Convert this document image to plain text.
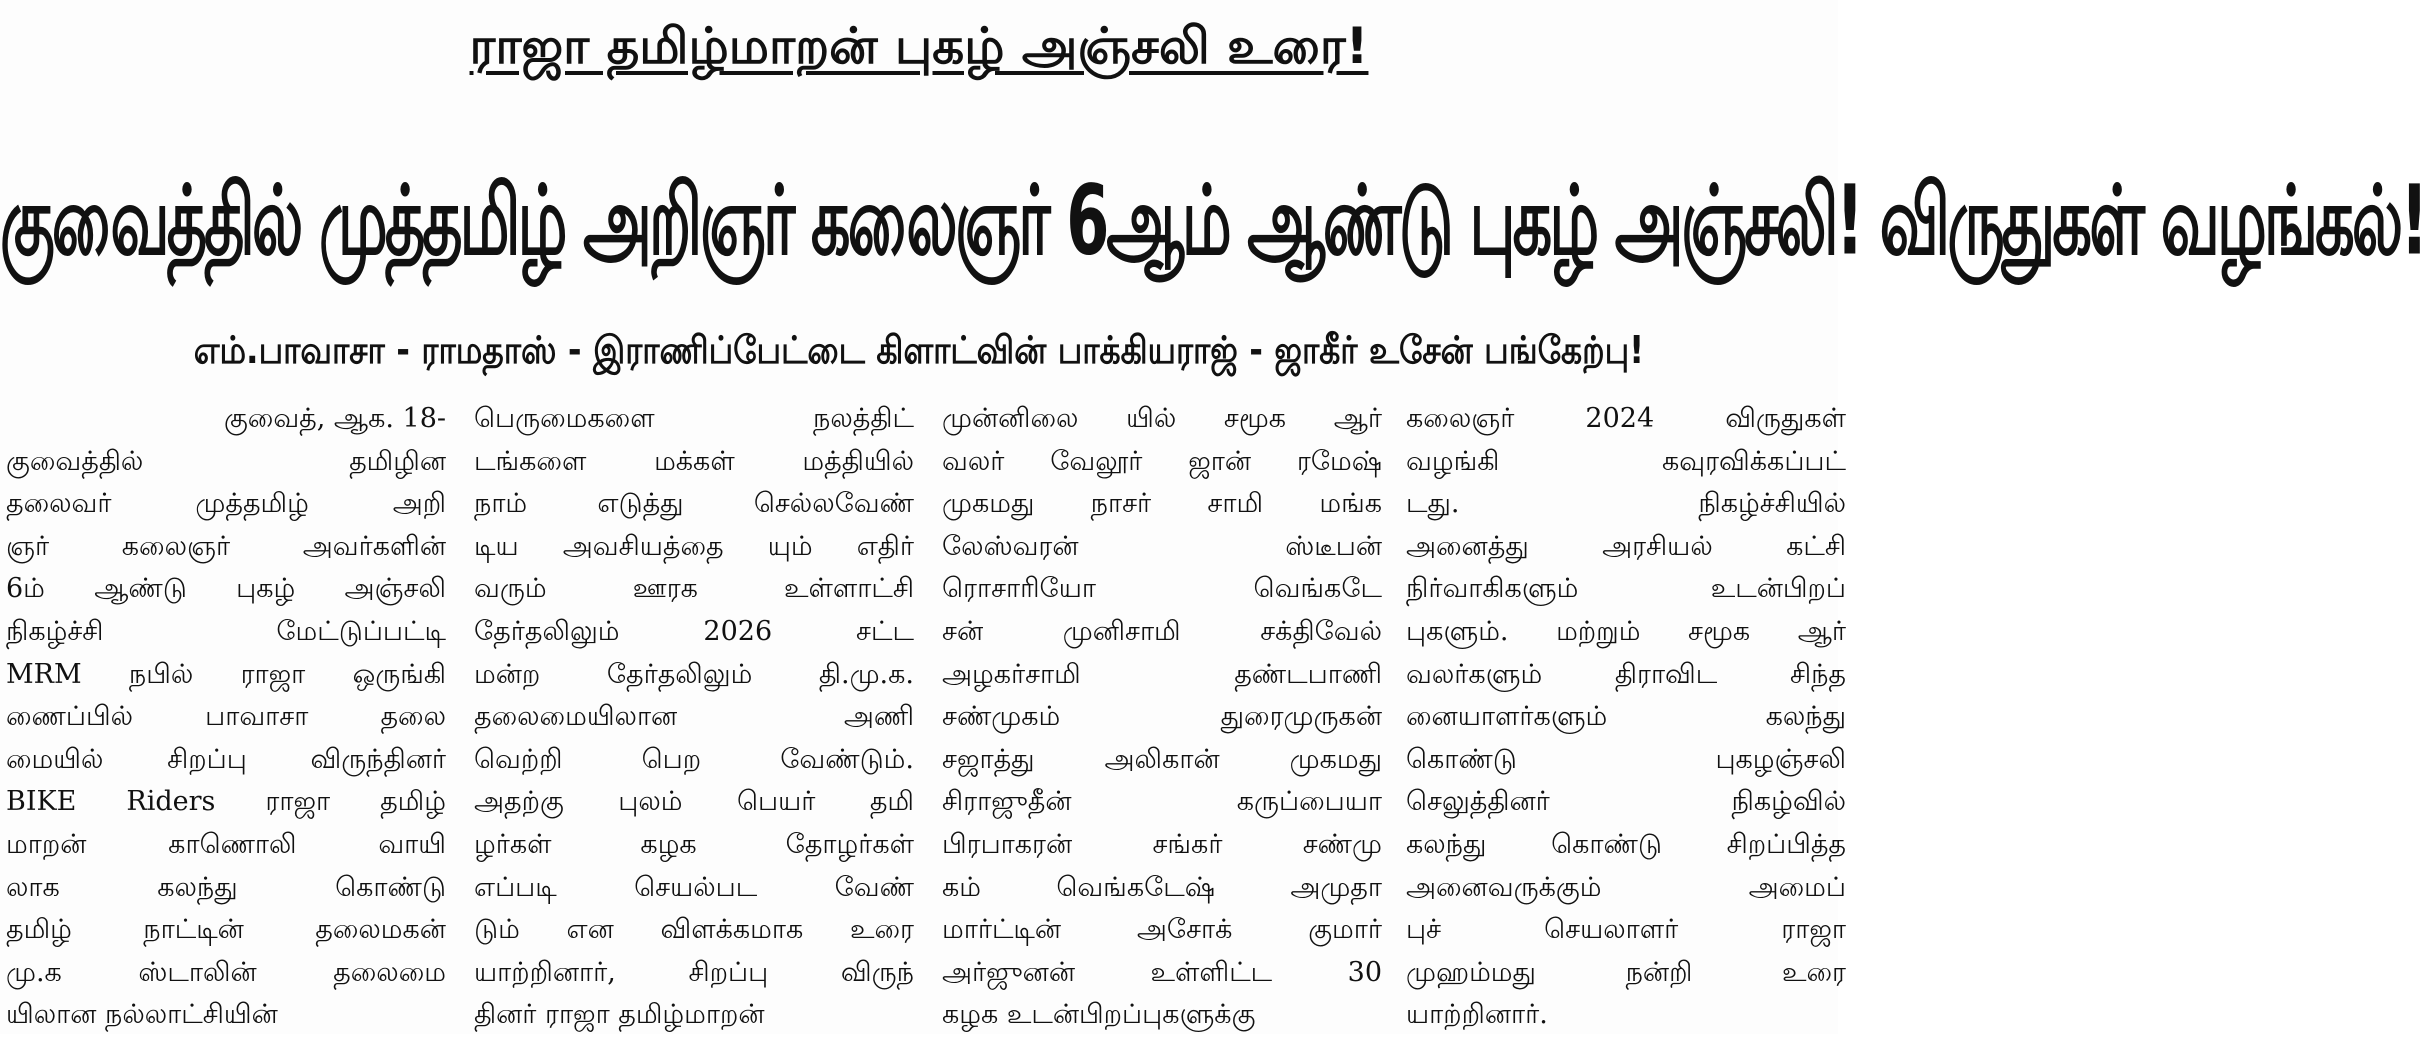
ராஜா தமிழ்மாறன் புகழ் அஞ்சலி உரை!
குவைத்தில் முத்தமிழ் அறிஞர் கலைஞர் 6ஆம் ஆண்டு புகழ் அஞ்சலி! விருதுகள் வழங்கல்!
எம்.பாவாசா - ராமதாஸ் - இராணிப்பேட்டை கிளாட்வின் பாக்கியராஜ் - ஜாகீர் உசேன் பங்கேற்பு!
குவைத், ஆக. 18-
குவைத்தில் தமிழின
தலைவர் முத்தமிழ் அறி
ஞர் கலைஞர் அவர்களின்
6ம் ஆண்டு புகழ் அஞ்சலி
நிகழ்ச்சி மேட்டுப்பட்டி
MRM நபில் ராஜா ஒருங்கி
ணைப்பில் பாவாசா தலை
மையில் சிறப்பு விருந்தினர்
BIKE Riders ராஜா தமிழ்
மாறன் காணொலி வாயி
லாக கலந்து கொண்டு
தமிழ் நாட்டின் தலைமகன்
மு.க ஸ்டாலின் தலைமை
யிலான நல்லாட்சியின்
பெருமைகளை நலத்திட்
டங்களை மக்கள் மத்தியில்
நாம் எடுத்து செல்லவேண்
டிய அவசியத்தை யும் எதிர்
வரும் ஊரக உள்ளாட்சி
தேர்தலிலும் 2026 சட்ட
மன்ற தேர்தலிலும் தி.மு.க.
தலைமையிலான அணி
வெற்றி பெற வேண்டும்.
அதற்கு புலம் பெயர் தமி
ழர்கள் கழக தோழர்கள்
எப்படி செயல்பட வேண்
டும் என விளக்கமாக உரை
யாற்றினார், சிறப்பு விருந்
தினர் ராஜா தமிழ்மாறன்
முன்னிலை யில் சமூக ஆர்
வலர் வேலூர் ஜான் ரமேஷ்
முகமது நாசர் சாமி மங்க
லேஸ்வரன் ஸ்டீபன்
ரொசாரியோ வெங்கடே
சன் முனிசாமி சக்திவேல்
அழகர்சாமி தண்டபாணி
சண்முகம் துரைமுருகன்
சஜாத்து அலிகான் முகமது
சிராஜுதீன் கருப்பையா
பிரபாகரன் சங்கர் சண்மு
கம் வெங்கடேஷ் அமுதா
மார்ட்டின் அசோக் குமார்
அர்ஜுனன் உள்ளிட்ட 30
கழக உடன்பிறப்புகளுக்கு
கலைஞர் 2024 விருதுகள்
வழங்கி கவுரவிக்கப்பட்
டது. நிகழ்ச்சியில்
அனைத்து அரசியல் கட்சி
நிர்வாகிகளும் உடன்பிறப்
புகளும். மற்றும் சமூக ஆர்
வலர்களும் திராவிட சிந்த
னையாளர்களும் கலந்து
கொண்டு புகழஞ்சலி
செலுத்தினர் நிகழ்வில்
கலந்து கொண்டு சிறப்பித்த
அனைவருக்கும் அமைப்
புச் செயலாளர் ராஜா
முஹம்மது நன்றி உரை
யாற்றினார்.
